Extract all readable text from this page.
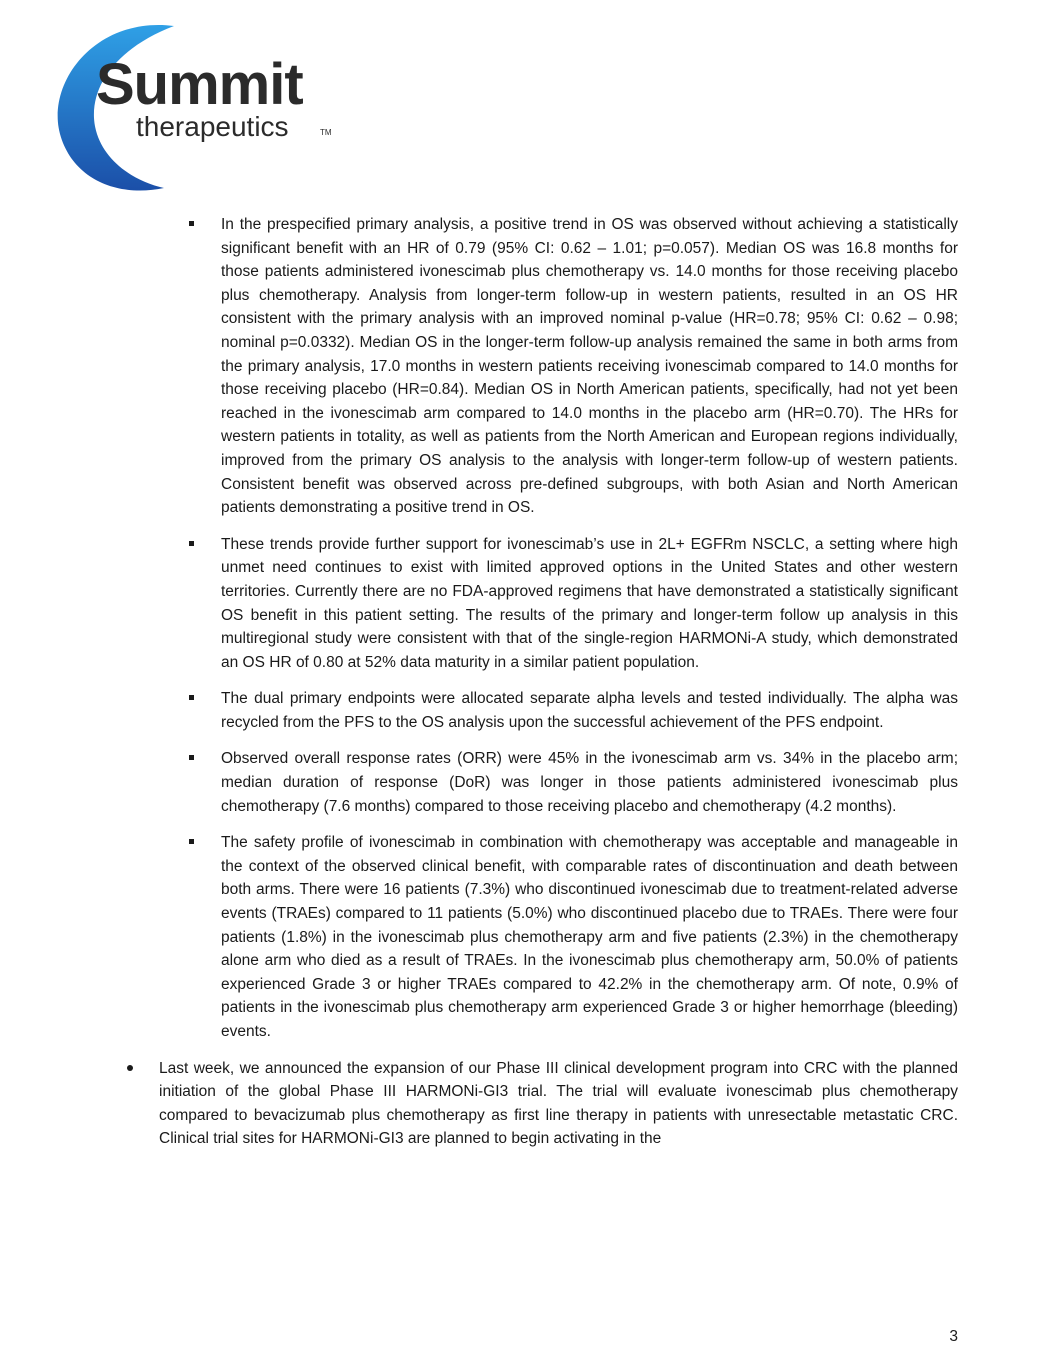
Summit
therapeutics	TM
In the prespecified primary analysis, a positive trend in OS was observed without achieving a statistically significant benefit with an HR of 0.79 (95% CI: 0.62 – 1.01; p=0.057). Median OS was 16.8 months for those patients administered ivonescimab plus chemotherapy vs. 14.0 months for those receiving placebo plus chemotherapy. Analysis from longer-term follow-up in western patients, resulted in an OS HR consistent with the primary analysis with an improved nominal p-value (HR=0.78; 95% CI: 0.62 – 0.98; nominal p=0.0332). Median OS in the longer-term follow-up analysis remained the same in both arms from the primary analysis, 17.0 months in western patients receiving ivonescimab compared to 14.0 months for those receiving placebo (HR=0.84). Median OS in North American patients, specifically, had not yet been reached in the ivonescimab arm compared to 14.0 months in the placebo arm (HR=0.70). The HRs for western patients in totality, as well as patients from the North American and European regions individually, improved from the primary OS analysis to the analysis with longer-term follow-up of western patients. Consistent benefit was observed across pre-defined subgroups, with both Asian and North American patients demonstrating a positive trend in OS.
These trends provide further support for ivonescimab’s use in 2L+ EGFRm NSCLC, a setting where high unmet need continues to exist with limited approved options in the United States and other western territories. Currently there are no FDA-approved regimens that have demonstrated a statistically significant OS benefit in this patient setting. The results of the primary and longer-term follow up analysis in this multiregional study were consistent with that of the single-region HARMONi-A study, which demonstrated an OS HR of 0.80 at 52% data maturity in a similar patient population.
The dual primary endpoints were allocated separate alpha levels and tested individually. The alpha was recycled from the PFS to the OS analysis upon the successful achievement of the PFS endpoint.
Observed overall response rates (ORR) were 45% in the ivonescimab arm vs. 34% in the placebo arm; median duration of response (DoR) was longer in those patients administered ivonescimab plus chemotherapy (7.6 months) compared to those receiving placebo and chemotherapy (4.2 months).
The safety profile of ivonescimab in combination with chemotherapy was acceptable and manageable in the context of the observed clinical benefit, with comparable rates of discontinuation and death between both arms. There were 16 patients (7.3%) who discontinued ivonescimab due to treatment-related adverse events (TRAEs) compared to 11 patients (5.0%) who discontinued placebo due to TRAEs. There were four patients (1.8%) in the ivonescimab plus chemotherapy arm and five patients (2.3%) in the chemotherapy alone arm who died as a result of TRAEs. In the ivonescimab plus chemotherapy arm, 50.0% of patients experienced Grade 3 or higher TRAEs compared to 42.2% in the chemotherapy arm. Of note, 0.9% of patients in the ivonescimab plus chemotherapy arm experienced Grade 3 or higher hemorrhage (bleeding) events.
Last week, we announced the expansion of our Phase III clinical development program into CRC with the planned initiation of the global Phase III HARMONi-GI3 trial. The trial will evaluate ivonescimab plus chemotherapy compared to bevacizumab plus chemotherapy as first line therapy in patients with unresectable metastatic CRC. Clinical trial sites for HARMONi-GI3 are planned to begin activating in the
3
